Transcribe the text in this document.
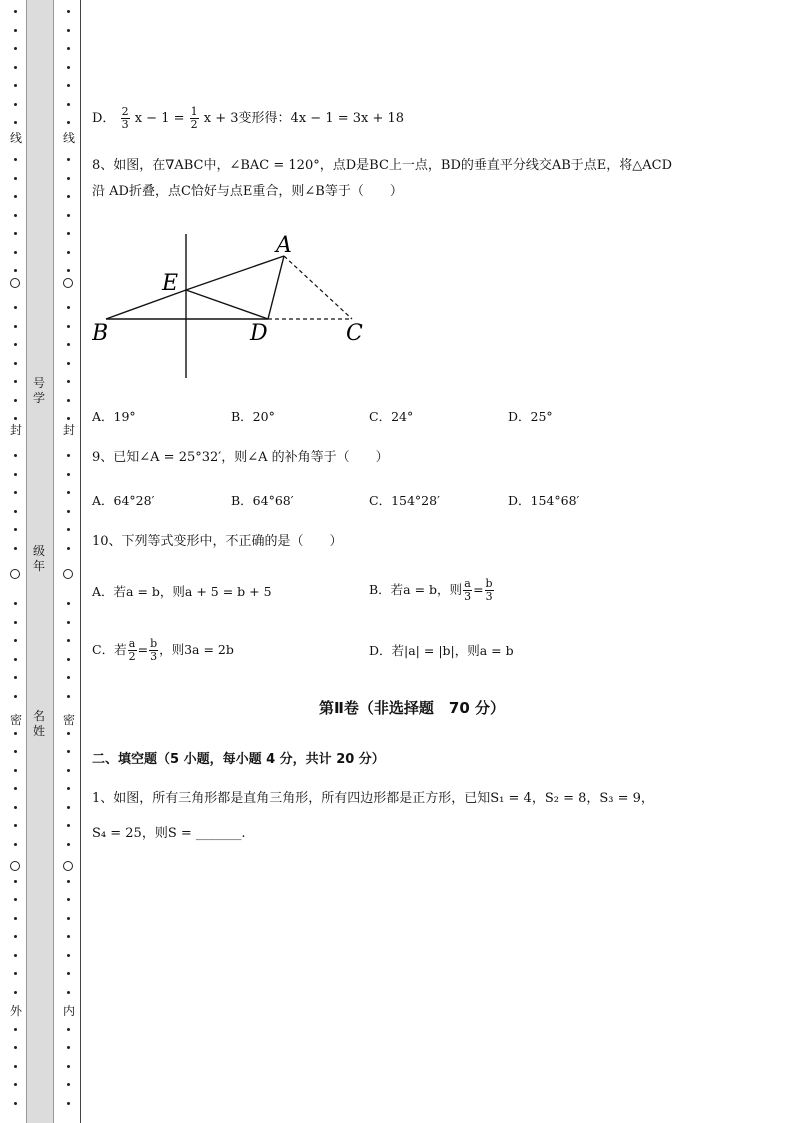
线
封
密
外
线
封
密
内
号
学
级
年
名
姓
D． $\frac{2}{3}$ $x - 1 = \frac{1}{2}$ x + 3变形得：4x − 1 = 3x + 18
8、如图，在∇ABC中，∠BAC = 120°，点D是BC上一点，BD的垂直平分线交AB于点E，将△ACD
沿 AD折叠，点C恰好与点E重合，则∠B等于（　　）
A
E
B	D	C
A．19°	B．20°	C．24°	D．25°
9、已知∠A = 25°32′，则∠A 的补角等于（　　）
A．64°28′	B．64°68′	C．154°28′	D．154°68′
10、下列等式变形中，不正确的是（　　）
A．若a = b，则a + 5 = b + 5	B．若a = b，则 $\frac{a}{3} = \frac{b}{3}$
C．若 $\frac{a}{2} = \frac{b}{3}$ ，则3a = 2b	D．若|a| = |b|，则a = b
第Ⅱ卷（非选择题　70 分）
二、填空题（5 小题，每小题 4 分，共计 20 分）
1、如图，所有三角形都是直角三角形，所有四边形都是正方形，已知S₁ = 4，S₂ = 8，S₃ = 9，
S₄ = 25，则S = _______.
